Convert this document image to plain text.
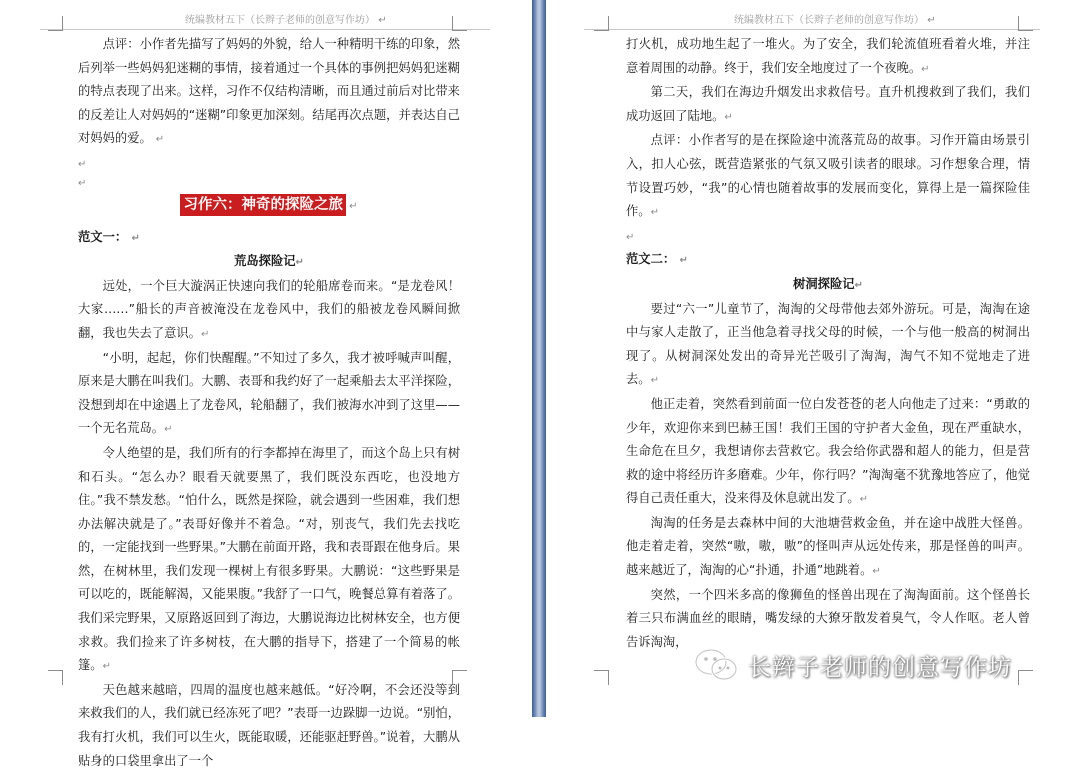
统编教材五下（长辫子老师的创意写作坊） ↵

点评：小作者先描写了妈妈的外貌，给人一种精明干练的印象，然后列举一些妈妈犯迷糊的事情，接着通过一个具体的事例把妈妈犯迷糊的特点表现了出来。这样，习作不仅结构清晰，而且通过前后对比带来的反差让人对妈妈的“迷糊”印象更加深刻。结尾再次点题，并表达自己对妈妈的爱。 ↵

↵

↵

习作六：神奇的探险之旅 ↵

范文一： ↵

荒岛探险记↵

远处，一个巨大漩涡正快速向我们的轮船席卷而来。“是龙卷风！大家……”船长的声音被淹没在龙卷风中，我们的船被龙卷风瞬间掀翻，我也失去了意识。↵

“小明，起起，你们快醒醒。”不知过了多久，我才被呼喊声叫醒，原来是大鹏在叫我们。大鹏、表哥和我约好了一起乘船去太平洋探险，没想到却在中途遇上了龙卷风，轮船翻了，我们被海水冲到了这里——一个无名荒岛。↵

令人绝望的是，我们所有的行李都掉在海里了，而这个岛上只有树和石头。“怎么办？眼看天就要黑了，我们既没东西吃，也没地方住。”我不禁发愁。“怕什么，既然是探险，就会遇到一些困难，我们想办法解决就是了。”表哥好像并不着急。“对，别丧气，我们先去找吃的，一定能找到一些野果。”大鹏在前面开路，我和表哥跟在他身后。果然，在树林里，我们发现一棵树上有很多野果。大鹏说：“这些野果是可以吃的，既能解渴，又能果腹。”我舒了一口气，晚餐总算有着落了。我们采完野果，又原路返回到了海边，大鹏说海边比树林安全，也方便求救。我们捡来了许多树枝，在大鹏的指导下，搭建了一个简易的帐篷。↵

天色越来越暗，四周的温度也越来越低。“好冷啊，不会还没等到来救我们的人，我们就已经冻死了吧？”表哥一边跺脚一边说。“别怕，我有打火机，我们可以生火，既能取暖，还能驱赶野兽。”说着，大鹏从贴身的口袋里拿出了一个

统编教材五下（长辫子老师的创意写作坊） ↵

打火机，成功地生起了一堆火。为了安全，我们轮流值班看着火堆，并注意着周围的动静。终于，我们安全地度过了一个夜晚。↵

第二天，我们在海边升烟发出求救信号。直升机搜救到了我们，我们成功返回了陆地。↵

点评：小作者写的是在探险途中流落荒岛的故事。习作开篇由场景引入，扣人心弦，既营造紧张的气氛又吸引读者的眼球。习作想象合理，情节设置巧妙，“我”的心情也随着故事的发展而变化，算得上是一篇探险佳作。↵

↵

范文二： ↵

树洞探险记↵

要过“六一”儿童节了，淘淘的父母带他去郊外游玩。可是，淘淘在途中与家人走散了，正当他急着寻找父母的时候，一个与他一般高的树洞出现了。从树洞深处发出的奇异光芒吸引了淘淘，淘气不知不觉地走了进去。↵

他正走着，突然看到前面一位白发苍苍的老人向他走了过来：“勇敢的少年，欢迎你来到巴赫王国！我们王国的守护者大金鱼，现在严重缺水，生命危在旦夕，我想请你去营救它。我会给你武器和超人的能力，但是营救的途中将经历许多磨难。少年，你行吗？”淘淘毫不犹豫地答应了，他觉得自己责任重大，没来得及休息就出发了。↵

淘淘的任务是去森林中间的大池塘营救金鱼，并在途中战胜大怪兽。他走着走着，突然“嗷，嗷，嗷”的怪叫声从远处传来，那是怪兽的叫声。越来越近了，淘淘的心“扑通，扑通”地跳着。↵

突然，一个四米多高的像狮鱼的怪兽出现在了淘淘面前。这个怪兽长着三只布满血丝的眼睛，嘴发绿的大獠牙散发着臭气，令人作呕。老人曾告诉淘淘，

长辫子老师的创意写作坊
